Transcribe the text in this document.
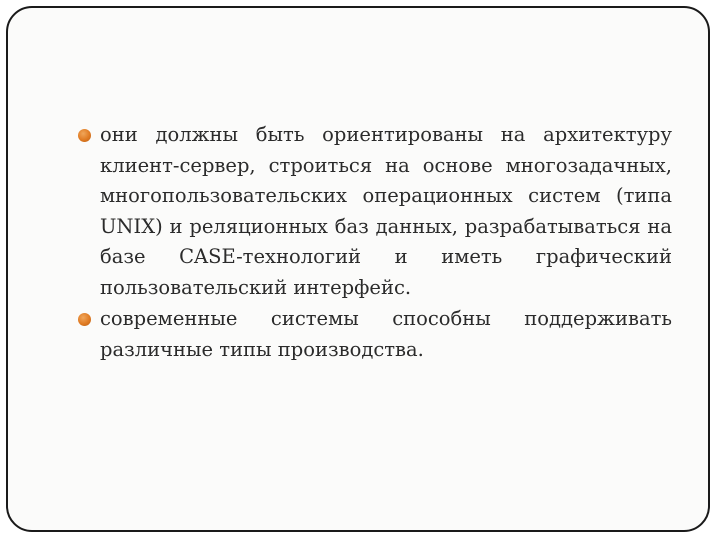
они должны быть ориентированы на архитектуру клиент-сервер, строиться на основе многозадачных, многопользовательских операционных систем (типа UNIX) и реляционных баз данных, разрабатываться на базе CASE-технологий и иметь графический пользовательский интерфейс.
современные системы способны поддерживать различные типы производства.
